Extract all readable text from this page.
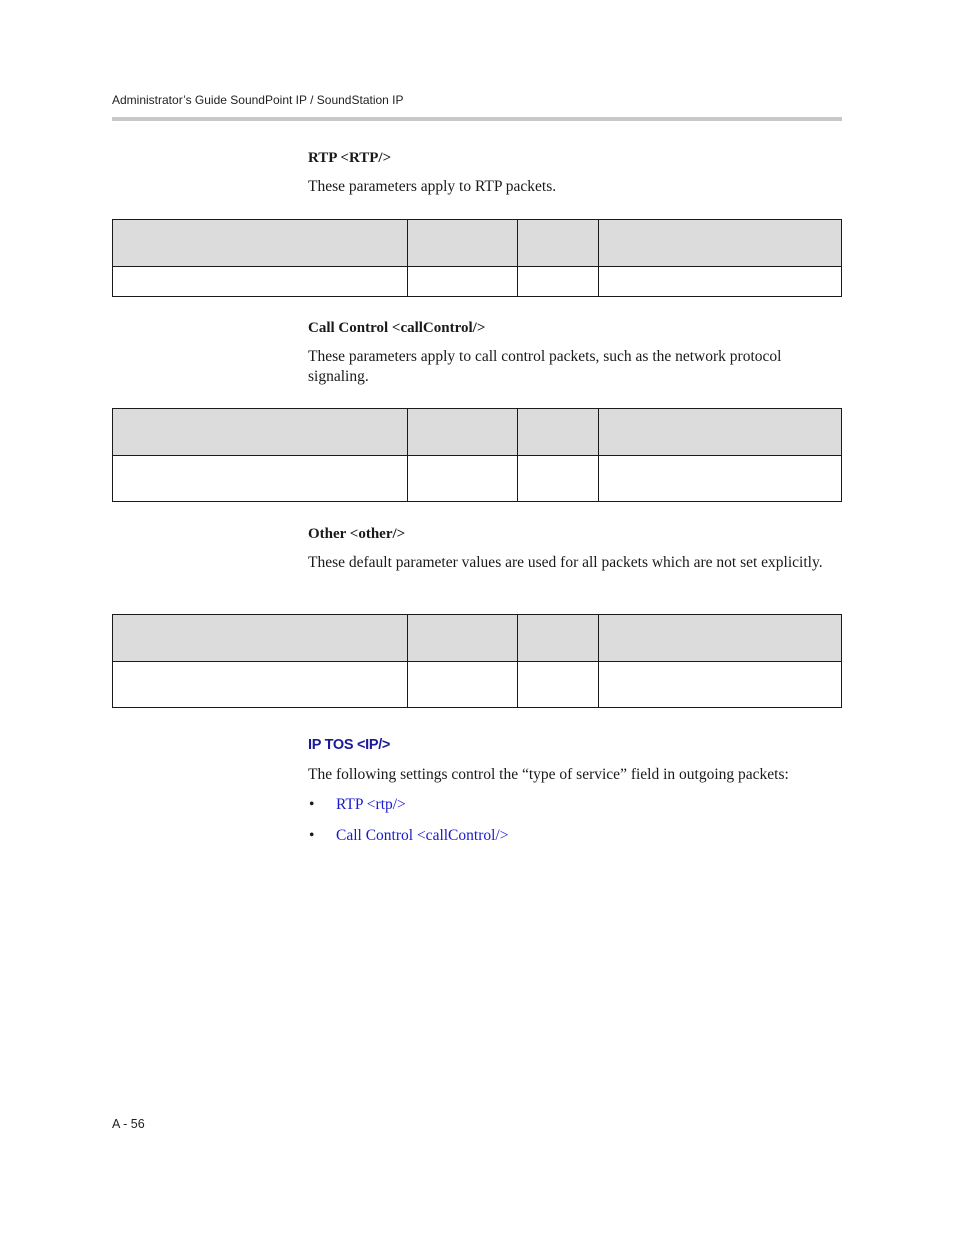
Administrator’s Guide SoundPoint IP / SoundStation IP
RTP <RTP/>

These parameters apply to RTP packets.

Call Control <callControl/>

These parameters apply to call control packets, such as the network protocol signaling.

Other <other/>

These default parameter values are used for all packets which are not set explicitly.

IP TOS <IP/>

The following settings control the “type of service” field in outgoing packets:

• RTP <rtp/>
• Call Control <callControl/>
A - 56
